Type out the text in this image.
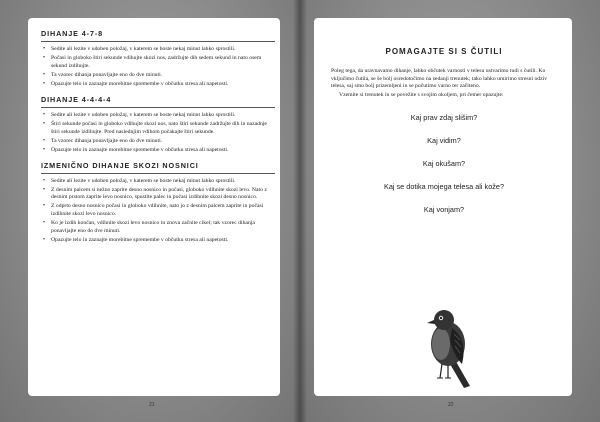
DIHANJE 4-7-8
• Sedite ali lezite v udoben položaj, v katerem se boste nekaj minut lahko sprostili.
• Počasi in globoko štiri sekunde vdihujte skozi nos, zadržujte dih sedem sekund in nato osem sekund izdihujte.
• Ta vzorec dihanja ponavljajte eno do dve minuti.
• Opazujte telo in zaznajte morebitne spremembe v občutku stresa ali napetosti.
DIHANJE 4-4-4-4
• Sedite ali lezite v udoben položaj, v katerem se boste nekaj minut lahko sprostili.
• Štiri sekunde počasi in globoko vdihujte skozi nos, nato štiri sekunde zadržujte dih in nazadnje štiri sekunde izdihujte. Pred naslednjim vdihom počakajte štiri sekunde.
• Ta vzorec dihanja ponavljajte eno do dve minuti.
• Opazujte telo in zaznajte morebitne spremembe v občutku stresa ali napetosti.
IZMENIČNO DIHANJE SKOZI NOSNICI
• Sedite ali lezite v udoben položaj, v katerem se boste nekaj minut lahko sprostili.
• Z desnim palcem si nežno zaprite desno nosnico in počasi, globoko vdihnite skozi levo. Nato z desnim prstom zaprite levo nosnico, spustite palec in počasi izdihnite skozi desno nosnico.
• Z odprto desno nosnico počasi in globoko vdihnite, nato jo z desnim palcem zaprite in počasi izdihnite skozi levo nosnico.
• Ko je izdih končan, vdihnite skozi levo nosnico in znova začnite cikel; tak vzorec dihanja ponavljajte eno do dve minuti.
• Opazujte telo in zaznajte morebitne spremembe v občutku stresa ali napetosti.
POMAGAJTE SI S ČUTILI

Poleg tega, da uravnavamo dihanje, lahko občutek varnosti v telesu ustvarimo tudi s čutili. Ko vključimo čutila, se še bolj osredotočimo na sedanji trenutek; tako lahko umirimo stresni odziv telesa, saj smo bolj prizemljeni in se počutimo varno ter začiteno.

Vzemite si trenutek in se povežite s svojim okoljem, pri čemer opazujte:

Kaj prav zdaj slišim?
Kaj vidim?
Kaj okušam?
Kaj se dotika mojega telesa ali kože?
Kaj vonjam?
21	22
